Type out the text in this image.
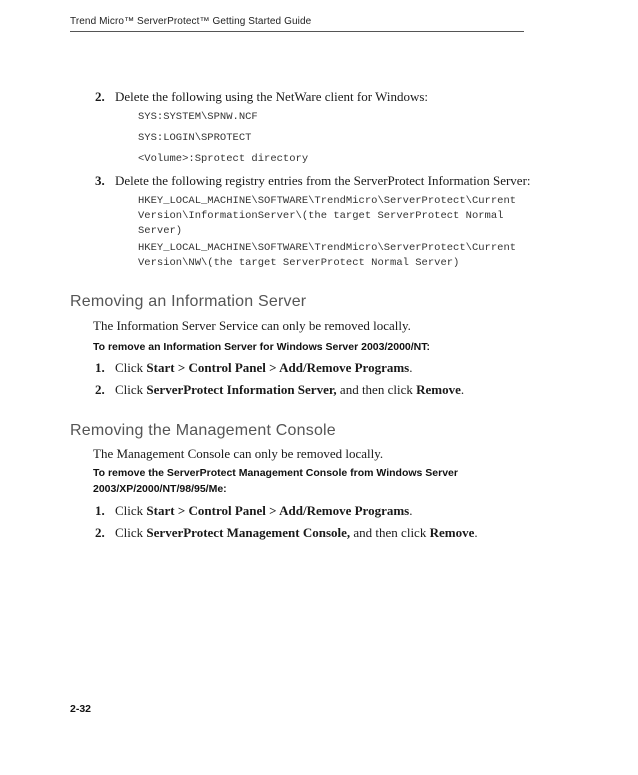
Trend Micro™ ServerProtect™ Getting Started Guide
2. Delete the following using the NetWare client for Windows:
SYS:SYSTEM\SPNW.NCF
SYS:LOGIN\SPROTECT
<Volume>:Sprotect directory
3. Delete the following registry entries from the ServerProtect Information Server:
HKEY_LOCAL_MACHINE\SOFTWARE\TrendMicro\ServerProtect\Current
Version\InformationServer\(the target ServerProtect Normal
Server)
HKEY_LOCAL_MACHINE\SOFTWARE\TrendMicro\ServerProtect\Current
Version\NW\(the target ServerProtect Normal Server)
Removing an Information Server
The Information Server Service can only be removed locally.
To remove an Information Server for Windows Server 2003/2000/NT:
1. Click Start > Control Panel > Add/Remove Programs.
2. Click ServerProtect Information Server, and then click Remove.
Removing the Management Console
The Management Console can only be removed locally.
To remove the ServerProtect Management Console from Windows Server
2003/XP/2000/NT/98/95/Me:
1. Click Start > Control Panel > Add/Remove Programs.
2. Click ServerProtect Management Console, and then click Remove.
2-32
